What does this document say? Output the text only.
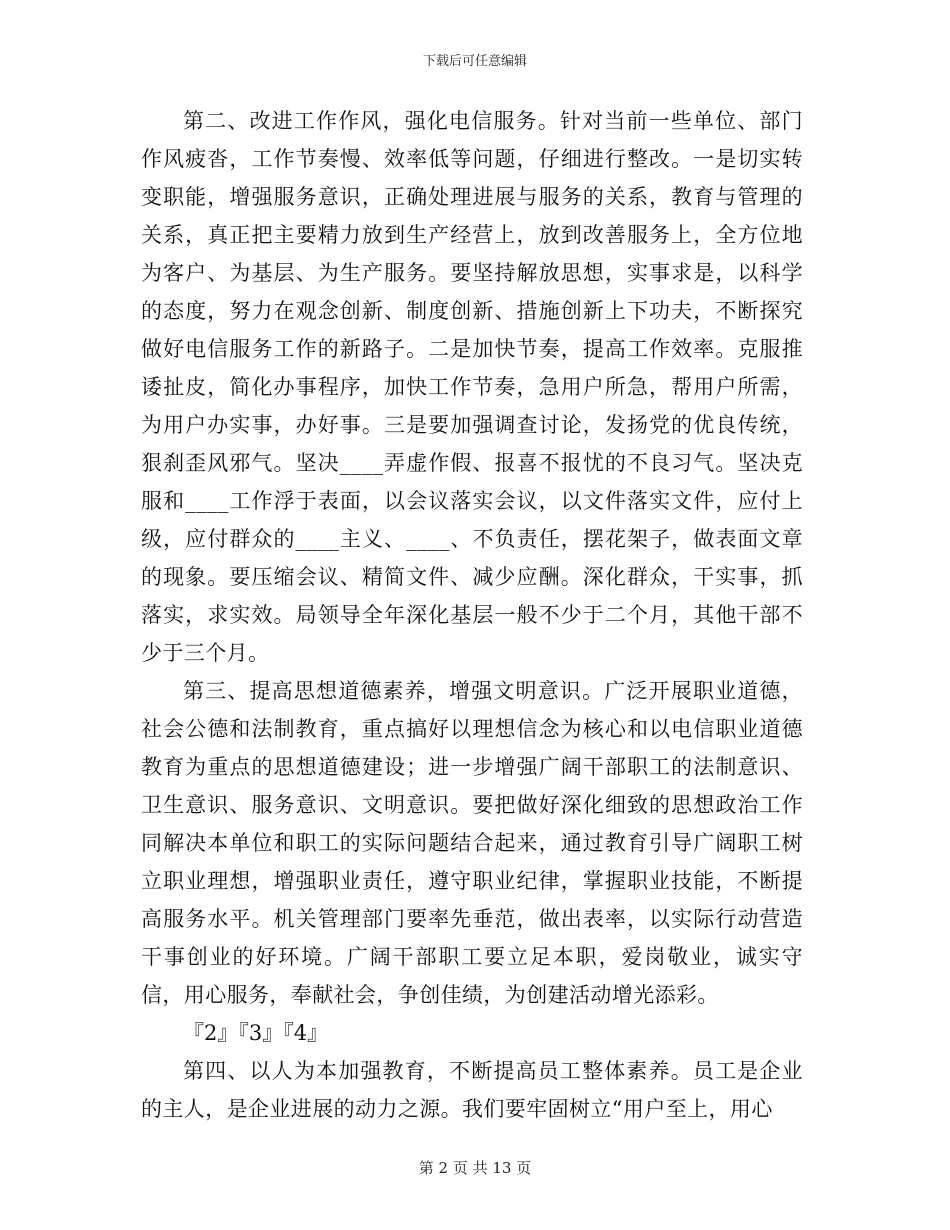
下载后可任意编辑

第二、改进工作作风，强化电信服务。针对当前一些单位、部门作风疲沓，工作节奏慢、效率低等问题，仔细进行整改。一是切实转变职能，增强服务意识，正确处理进展与服务的关系，教育与管理的关系，真正把主要精力放到生产经营上，放到改善服务上，全方位地为客户、为基层、为生产服务。要坚持解放思想，实事求是，以科学的态度，努力在观念创新、制度创新、措施创新上下功夫，不断探究做好电信服务工作的新路子。二是加快节奏，提高工作效率。克服推诿扯皮，简化办事程序，加快工作节奏，急用户所急，帮用户所需，为用户办实事，办好事。三是要加强调查讨论，发扬党的优良传统，狠刹歪风邪气。坚决____弄虚作假、报喜不报忧的不良习气。坚决克服和____工作浮于表面，以会议落实会议，以文件落实文件，应付上级，应付群众的____主义、____、不负责任，摆花架子，做表面文章的现象。要压缩会议、精简文件、减少应酬。深化群众，干实事，抓落实，求实效。局领导全年深化基层一般不少于二个月，其他干部不少于三个月。

第三、提高思想道德素养，增强文明意识。广泛开展职业道德，社会公德和法制教育，重点搞好以理想信念为核心和以电信职业道德教育为重点的思想道德建设；进一步增强广阔干部职工的法制意识、卫生意识、服务意识、文明意识。要把做好深化细致的思想政治工作同解决本单位和职工的实际问题结合起来，通过教育引导广阔职工树立职业理想，增强职业责任，遵守职业纪律，掌握职业技能，不断提高服务水平。机关管理部门要率先垂范，做出表率，以实际行动营造干事创业的好环境。广阔干部职工要立足本职，爱岗敬业，诚实守信，用心服务，奉献社会，争创佳绩，为创建活动增光添彩。

『2』『3』『4』

第四、以人为本加强教育，不断提高员工整体素养。员工是企业的主人，是企业进展的动力之源。我们要牢固树立“用户至上，用心

第 2 页 共 13 页
